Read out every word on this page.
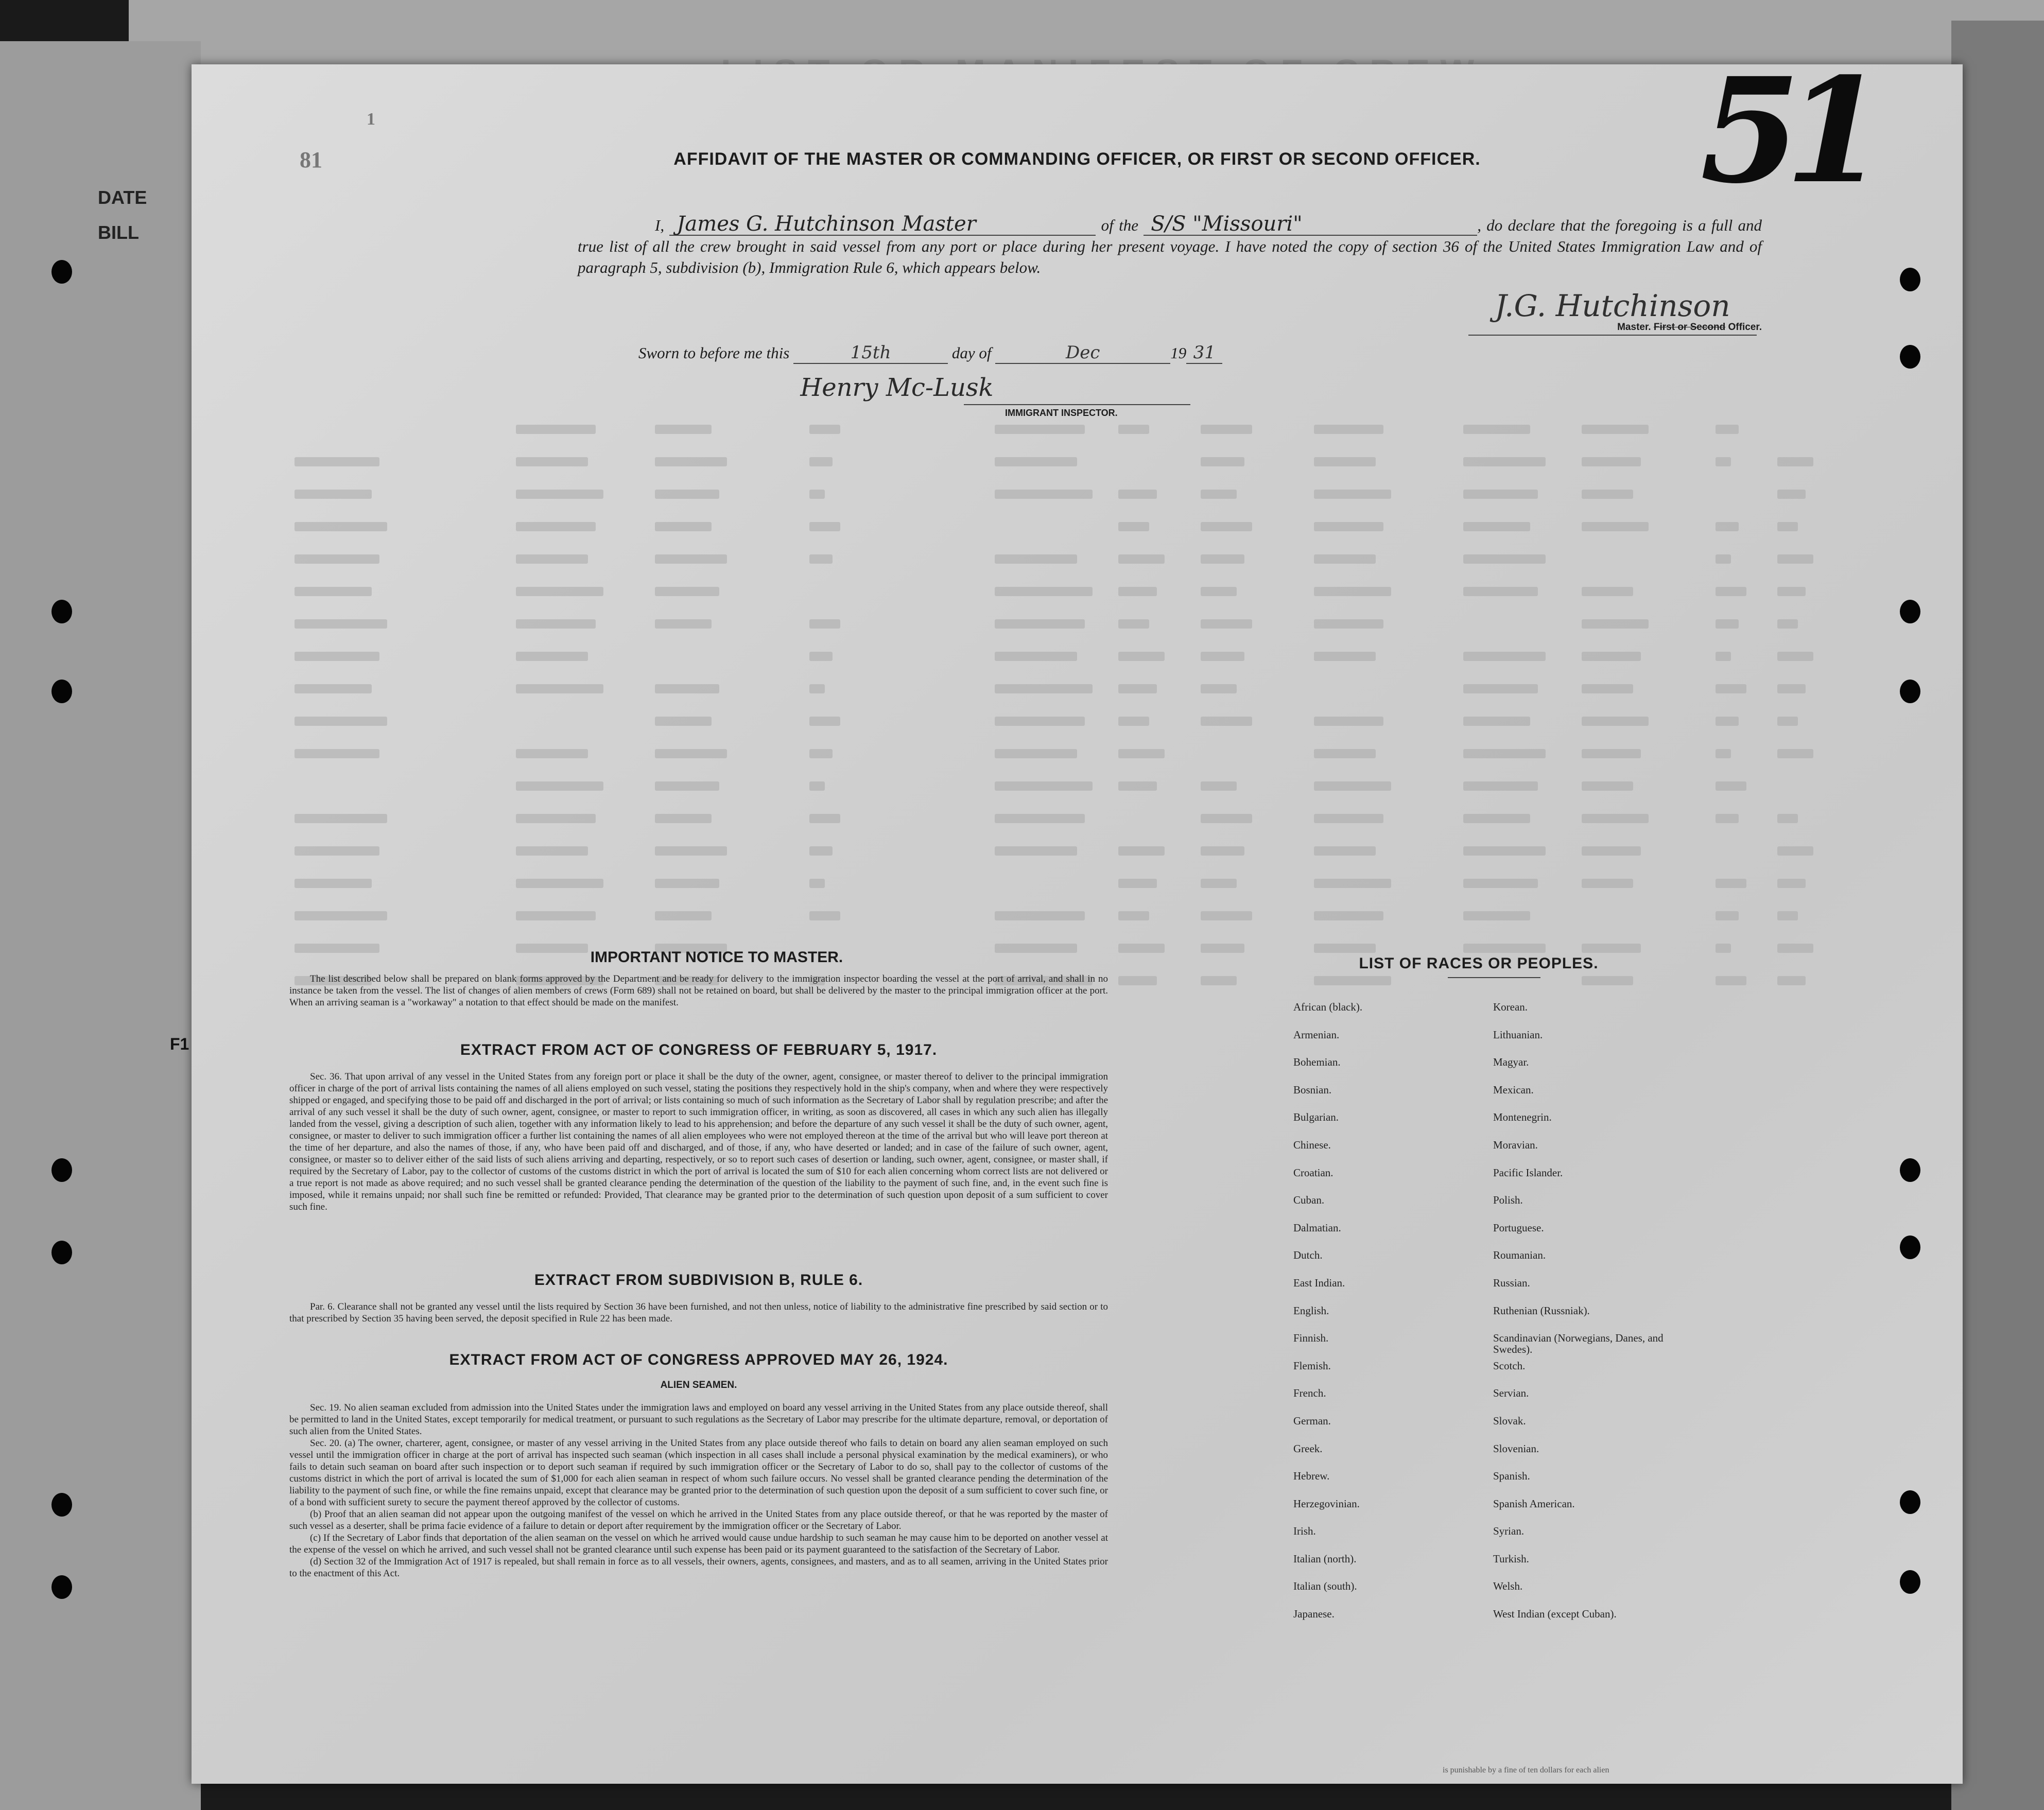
DATE
BILL
F1
81
1	51
AFFIDAVIT OF THE MASTER OR COMMANDING OFFICER, OR FIRST OR SECOND OFFICER.
I, James G. Hutchinson Master	of the S/S "Missouri"	, do declare that the foregoing is a full and true list of all the crew brought in said vessel from any port or place during her present voyage. I have noted the copy of section 36 of the United States Immigration Law and of paragraph 5, subdivision (b), Immigration Rule 6, which appears below.
J.G. Hutchinson
Master. First or Second Officer.
Sworn to before me this	15th	day of	Dec	19 31
Henry Mc-Lusk
IMMIGRANT INSPECTOR.
IMPORTANT NOTICE TO MASTER.
The list described below shall be prepared on blank forms approved by the Department and be ready for delivery to the immigration inspector boarding the vessel at the port of arrival, and shall in no instance be taken from the vessel. The list of changes of alien members of crews (Form 689) shall not be retained on board, but shall be delivered by the master to the principal immigration officer at the port. When an arriving seaman is a "workaway" a notation to that effect should be made on the manifest.
EXTRACT FROM ACT OF CONGRESS OF FEBRUARY 5, 1917.
Sec. 36. That upon arrival of any vessel in the United States from any foreign port or place it shall be the duty of the owner, agent, consignee, or master thereof to deliver to the principal immigration officer in charge of the port of arrival lists containing the names of all aliens employed on such vessel, stating the positions they respectively hold in the ship's company, when and where they were respectively shipped or engaged, and specifying those to be paid off and discharged in the port of arrival; or lists containing so much of such information as the Secretary of Labor shall by regulation prescribe; and after the arrival of any such vessel it shall be the duty of such owner, agent, consignee, or master to report to such immigration officer, in writing, as soon as discovered, all cases in which any such alien has illegally landed from the vessel, giving a description of such alien, together with any information likely to lead to his apprehension; and before the departure of any such vessel it shall be the duty of such owner, agent, consignee, or master to deliver to such immigration officer a further list containing the names of all alien employees who were not employed thereon at the time of the arrival but who will leave port thereon at the time of her departure, and also the names of those, if any, who have been paid off and discharged, and of those, if any, who have deserted or landed; and in case of the failure of such owner, agent, consignee, or master so to deliver either of the said lists of such aliens arriving and departing, respectively, or so to report such cases of desertion or landing, such owner, agent, consignee, or master shall, if required by the Secretary of Labor, pay to the collector of customs of the customs district in which the port of arrival is located the sum of $10 for each alien concerning whom correct lists are not delivered or a true report is not made as above required; and no such vessel shall be granted clearance pending the determination of the question of the liability to the payment of such fine, and, in the event such fine is imposed, while it remains unpaid; nor shall such fine be remitted or refunded: Provided, That clearance may be granted prior to the determination of such question upon deposit of a sum sufficient to cover such fine.
EXTRACT FROM SUBDIVISION B, RULE 6.
Par. 6. Clearance shall not be granted any vessel until the lists required by Section 36 have been furnished, and not then unless, notice of liability to the administrative fine prescribed by said section or to that prescribed by Section 35 having been served, the deposit specified in Rule 22 has been made.
EXTRACT FROM ACT OF CONGRESS APPROVED MAY 26, 1924.
ALIEN SEAMEN.
Sec. 19. No alien seaman excluded from admission into the United States under the immigration laws and employed on board any vessel arriving in the United States from any place outside thereof, shall be permitted to land in the United States, except temporarily for medical treatment, or pursuant to such regulations as the Secretary of Labor may prescribe for the ultimate departure, removal, or deportation of such alien from the United States.
Sec. 20. (a) The owner, charterer, agent, consignee, or master of any vessel arriving in the United States from any place outside thereof who fails to detain on board any alien seaman employed on such vessel until the immigration officer in charge at the port of arrival has inspected such seaman (which inspection in all cases shall include a personal physical examination by the medical examiners), or who fails to detain such seaman on board after such inspection or to deport such seaman if required by such immigration officer or the Secretary of Labor to do so, shall pay to the collector of customs of the customs district in which the port of arrival is located the sum of $1,000 for each alien seaman in respect of whom such failure occurs. No vessel shall be granted clearance pending the determination of the liability to the payment of such fine, or while the fine remains unpaid, except that clearance may be granted prior to the determination of such question upon the deposit of a sum sufficient to cover such fine, or of a bond with sufficient surety to secure the payment thereof approved by the collector of customs.
(b) Proof that an alien seaman did not appear upon the outgoing manifest of the vessel on which he arrived in the United States from any place outside thereof, or that he was reported by the master of such vessel as a deserter, shall be prima facie evidence of a failure to detain or deport after requirement by the immigration officer or the Secretary of Labor.
(c) If the Secretary of Labor finds that deportation of the alien seaman on the vessel on which he arrived would cause undue hardship to such seaman he may cause him to be deported on another vessel at the expense of the vessel on which he arrived, and such vessel shall not be granted clearance until such expense has been paid or its payment guaranteed to the satisfaction of the Secretary of Labor.
(d) Section 32 of the Immigration Act of 1917 is repealed, but shall remain in force as to all vessels, their owners, agents, consignees, and masters, and as to all seamen, arriving in the United States prior to the enactment of this Act.
LIST OF RACES OR PEOPLES.
African (black).
Armenian.
Bohemian.
Bosnian.
Bulgarian.
Chinese.
Croatian.
Cuban.
Dalmatian.
Dutch.
East Indian.
English.
Finnish.
Flemish.
French.
German.
Greek.
Hebrew.
Herzegovinian.
Irish.
Italian (north).
Italian (south).
Japanese.
Korean.
Lithuanian.
Magyar.
Mexican.
Montenegrin.
Moravian.
Pacific Islander.
Polish.
Portuguese.
Roumanian.
Russian.
Ruthenian (Russniak).
Scandinavian (Norwegians, Danes, and Swedes).
Scotch.
Servian.
Slovak.
Slovenian.
Spanish.
Spanish American.
Syrian.
Turkish.
Welsh.
West Indian (except Cuban).
is punishable by a fine of ten dollars for each alien
